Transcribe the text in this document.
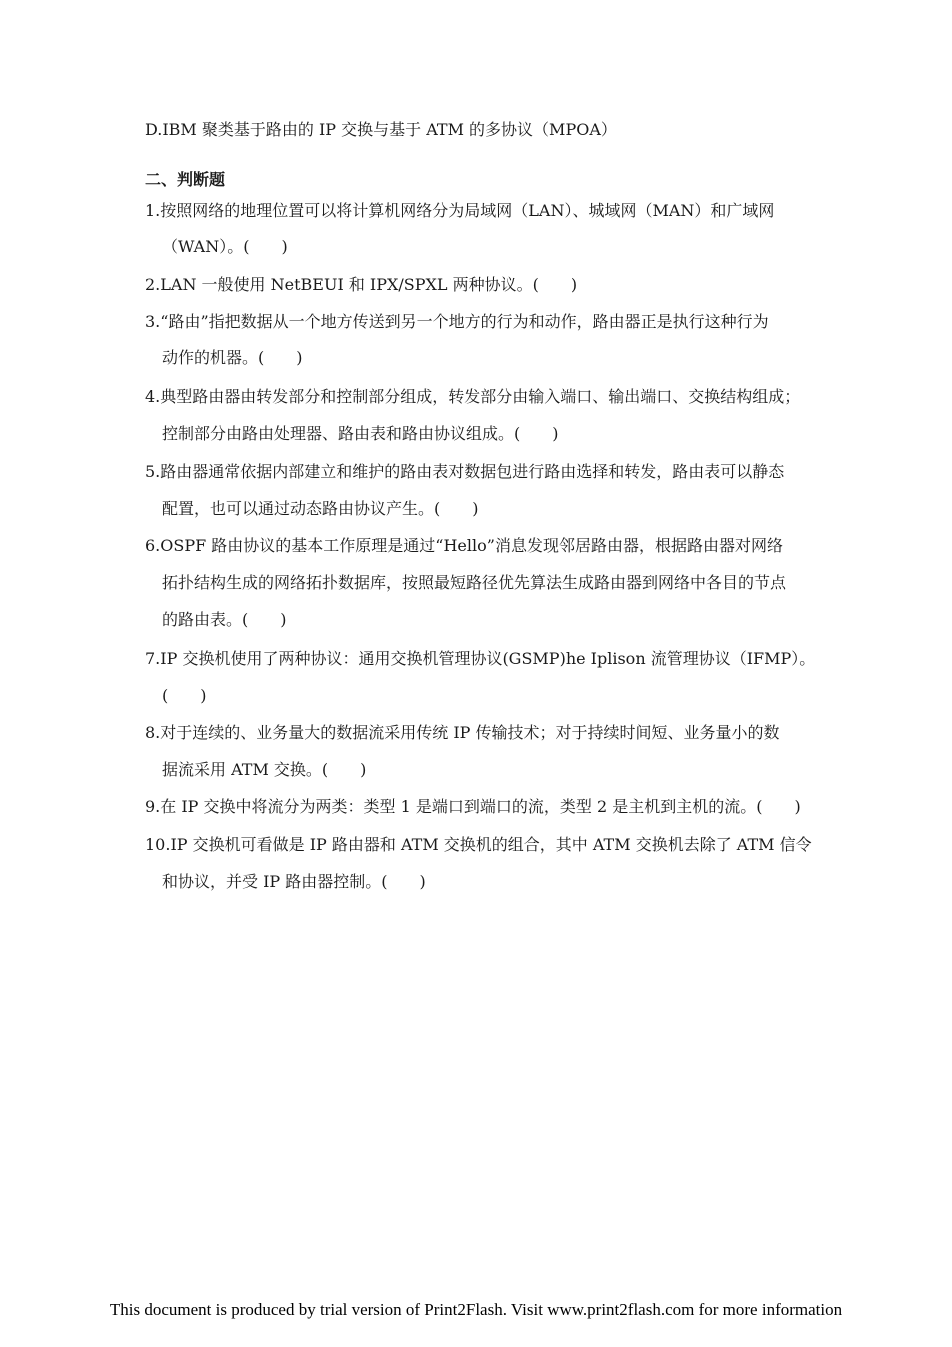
D.IBM 聚类基于路由的 IP 交换与基于 ATM 的多协议（MPOA）
二、判断题
1.按照网络的地理位置可以将计算机网络分为局域网（LAN）、城域网（MAN）和广域网
（WAN）。(　　)
2.LAN 一般使用 NetBEUI 和 IPX/SPXL 两种协议。(　　)
3.“路由”指把数据从一个地方传送到另一个地方的行为和动作，路由器正是执行这种行为
动作的机器。(　　)
4.典型路由器由转发部分和控制部分组成，转发部分由输入端口、输出端口、交换结构组成；
控制部分由路由处理器、路由表和路由协议组成。(　　)
5.路由器通常依据内部建立和维护的路由表对数据包进行路由选择和转发，路由表可以静态
配置，也可以通过动态路由协议产生。(　　)
6.OSPF 路由协议的基本工作原理是通过“Hello”消息发现邻居路由器，根据路由器对网络
拓扑结构生成的网络拓扑数据库，按照最短路径优先算法生成路由器到网络中各目的节点
的路由表。(　　)
7.IP 交换机使用了两种协议：通用交换机管理协议(GSMP)he Iplison 流管理协议（IFMP）。
(　　)
8.对于连续的、业务量大的数据流采用传统 IP 传输技术；对于持续时间短、业务量小的数
据流采用 ATM 交换。(　　)
9.在 IP 交换中将流分为两类：类型 1 是端口到端口的流，类型 2 是主机到主机的流。(　　)
10.IP 交换机可看做是 IP 路由器和 ATM 交换机的组合，其中 ATM 交换机去除了 ATM 信令
和协议，并受 IP 路由器控制。(　　)
This document is produced by trial version of Print2Flash. Visit www.print2flash.com for more information
